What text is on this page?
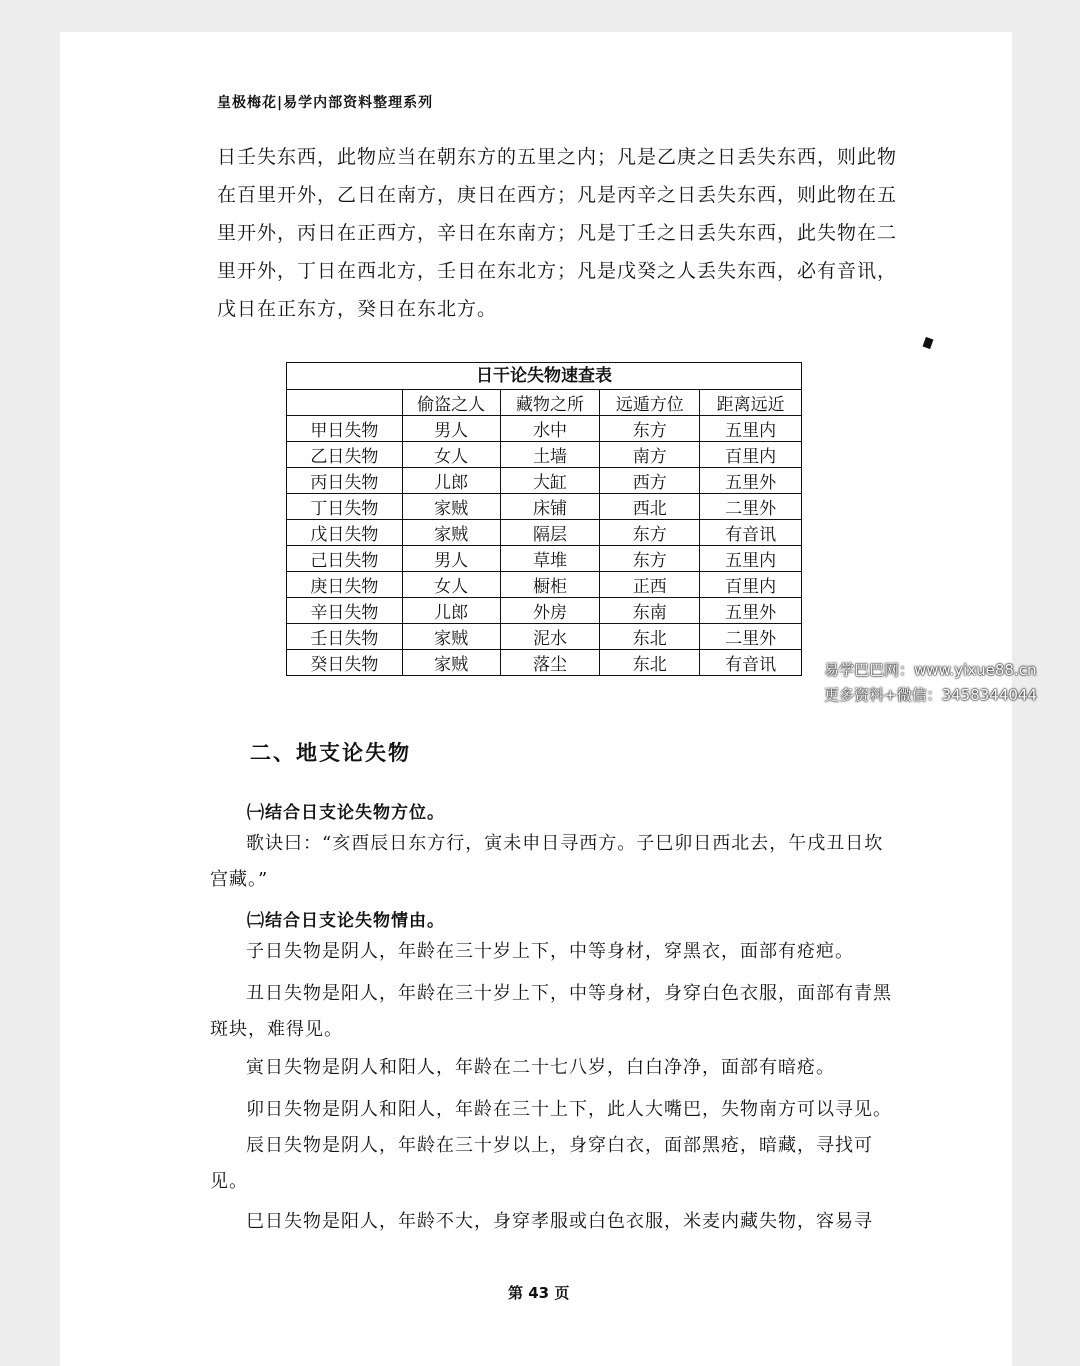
皇极梅花|易学内部资料整理系列

日壬失东西，此物应当在朝东方的五里之内；凡是乙庚之日丢失东西，则此物在百里开外，乙日在南方，庚日在西方；凡是丙辛之日丢失东西，则此物在五里开外，丙日在正西方，辛日在东南方；凡是丁壬之日丢失东西，此失物在二里开外，丁日在西北方，壬日在东北方；凡是戊癸之人丢失东西，必有音讯，戊日在正东方，癸日在东北方。

日干论失物速查表
	偷盗之人	藏物之所	远遁方位	距离远近
甲日失物	男人	水中	东方	五里内
乙日失物	女人	土墙	南方	百里内
丙日失物	儿郎	大缸	西方	五里外
丁日失物	家贼	床铺	西北	二里外
戊日失物	家贼	隔层	东方	有音讯
己日失物	男人	草堆	东方	五里内
庚日失物	女人	橱柜	正西	百里内
辛日失物	儿郎	外房	东南	五里外
壬日失物	家贼	泥水	东北	二里外
癸日失物	家贼	落尘	东北	有音讯
二、地支论失物
㈠结合日支论失物方位。

歌诀曰：“亥酉辰日东方行，寅未申日寻西方。子巳卯日西北去，午戌丑日坎宫藏。”

㈡结合日支论失物情由。

子日失物是阴人，年龄在三十岁上下，中等身材，穿黑衣，面部有疮疤。

丑日失物是阳人，年龄在三十岁上下，中等身材，身穿白色衣服，面部有青黑斑块，难得见。

寅日失物是阴人和阳人，年龄在二十七八岁，白白净净，面部有暗疮。

卯日失物是阴人和阳人，年龄在三十上下，此人大嘴巴，失物南方可以寻见。

辰日失物是阴人，年龄在三十岁以上，身穿白衣，面部黑疮，暗藏，寻找可见。

巳日失物是阳人，年龄不大，身穿孝服或白色衣服，米麦内藏失物，容易寻

第 43 页
易学巴巴网：www.yixue88.cn
更多资料+微信：3458344044
